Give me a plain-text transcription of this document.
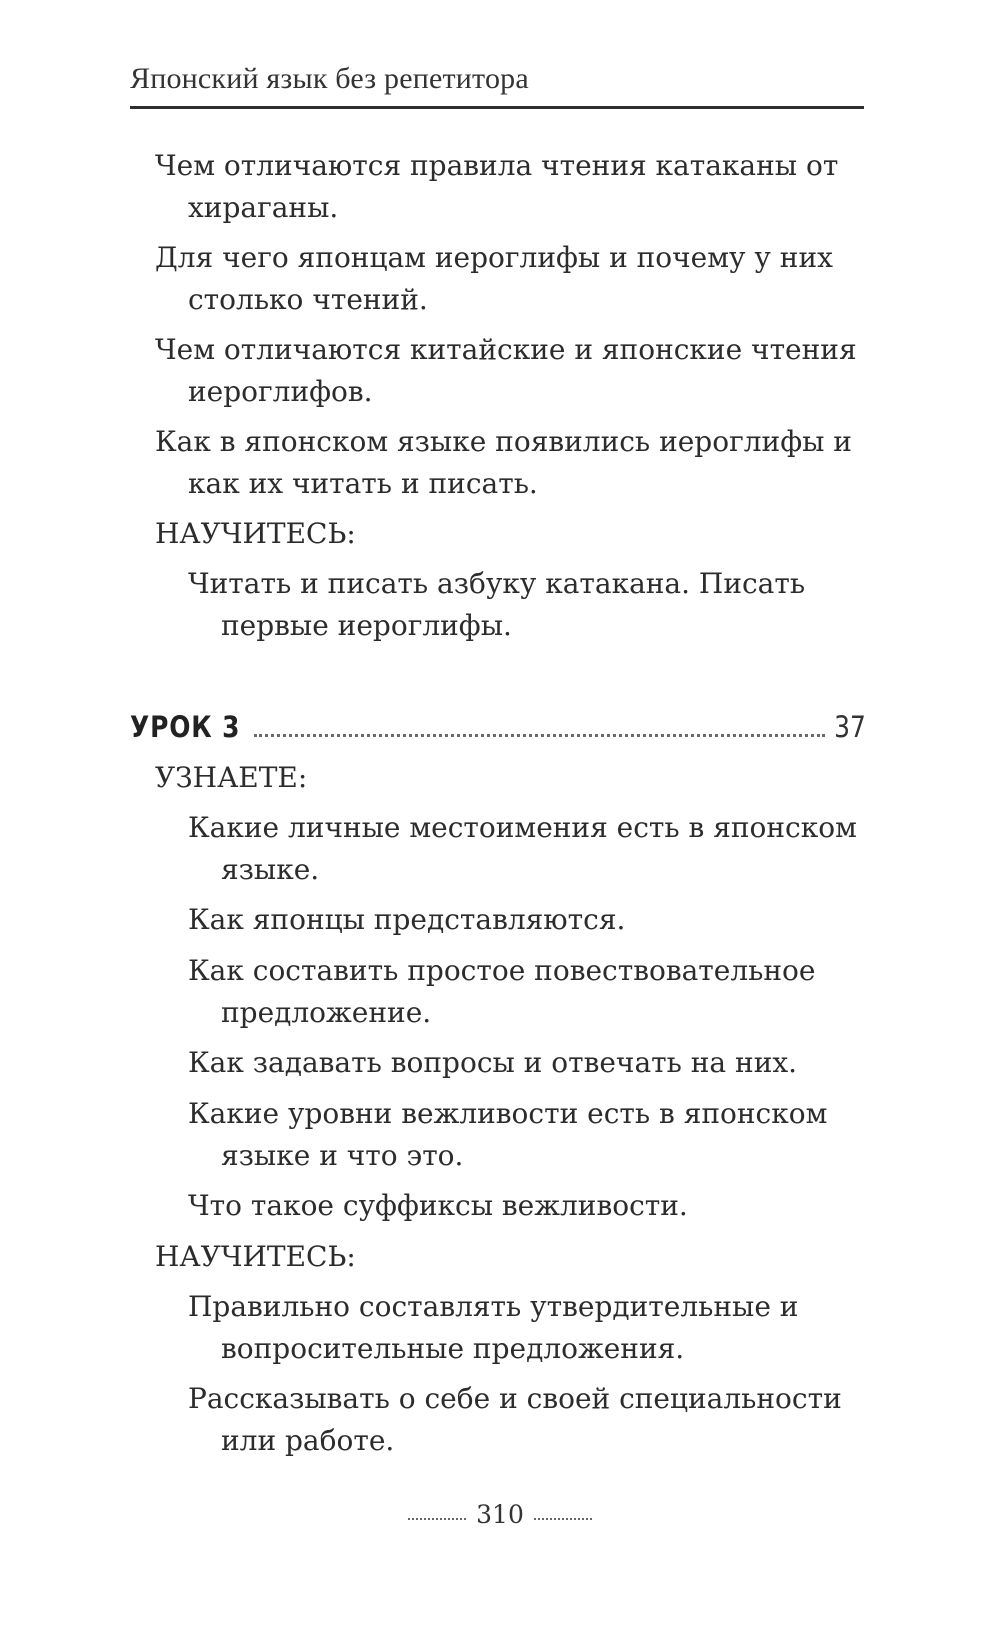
Японский язык без репетитора
Чем отличаются правила чтения катаканы от
хираганы.
Для чего японцам иероглифы и почему у них
столько чтений.
Чем отличаются китайские и японские чтения
иероглифов.
Как в японском языке появились иероглифы и
как их читать и писать.
НАУЧИТЕСЬ:
Читать и писать азбуку катакана. Писать
первые иероглифы.
УРОК 3	37
УЗНАЕТЕ:
Какие личные местоимения есть в японском
языке.
Как японцы представляются.
Как составить простое повествовательное
предложение.
Как задавать вопросы и отвечать на них.
Какие уровни вежливости есть в японском
языке и что это.
Что такое суффиксы вежливости.
НАУЧИТЕСЬ:
Правильно составлять утвердительные и
вопросительные предложения.
Рассказывать о себе и своей специальности
или работе.
310
